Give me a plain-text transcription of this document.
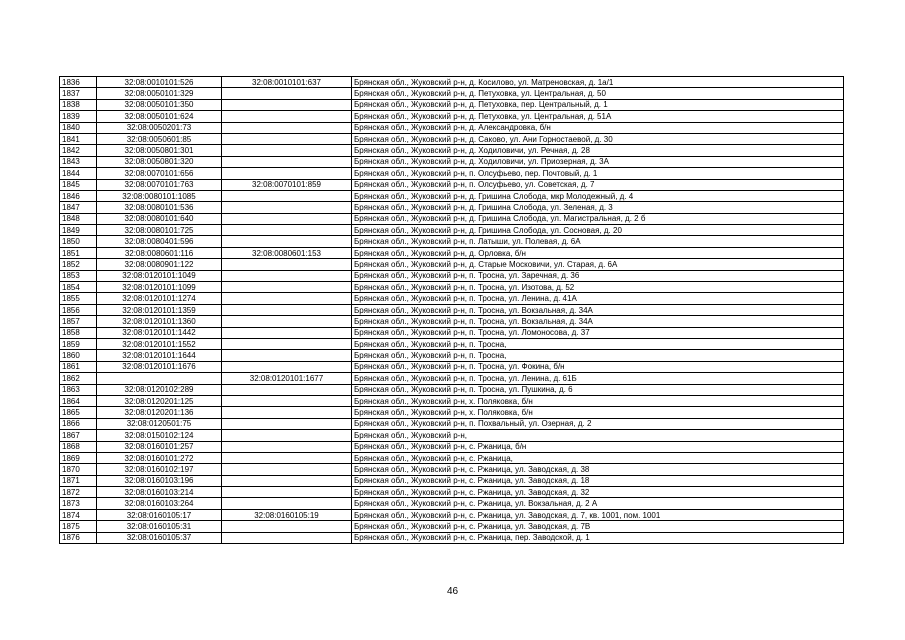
1836	32:08:0010101:526	32:08:0010101:637	Брянская обл., Жуковский р-н, д. Косилово, ул. Матреновская, д. 1а/1
1837	32:08:0050101:329		Брянская обл., Жуковский р-н, д. Петуховка, ул. Центральная, д. 50
1838	32:08:0050101:350		Брянская обл., Жуковский р-н, д. Петуховка, пер. Центральный, д. 1
1839	32:08:0050101:624		Брянская обл., Жуковский р-н, д. Петуховка, ул. Центральная, д. 51А
1840	32:08:0050201:73		Брянская обл., Жуковский р-н, д. Александровка, б/н
1841	32:08:0050601:85		Брянская обл., Жуковский р-н, д. Саково, ул. Ани Горностаевой, д. 30
1842	32:08:0050801:301		Брянская обл., Жуковский р-н, д. Ходиловичи, ул. Речная, д. 28
1843	32:08:0050801:320		Брянская обл., Жуковский р-н, д. Ходиловичи, ул. Приозерная, д. 3А
1844	32:08:0070101:656		Брянская обл., Жуковский р-н, п. Олсуфьево, пер. Почтовый, д. 1
1845	32:08:0070101:763	32:08:0070101:859	Брянская обл., Жуковский р-н, п. Олсуфьево, ул. Советская, д. 7
1846	32:08:0080101:1085		Брянская обл., Жуковский р-н, д. Гришина Слобода, мкр Молодежный, д. 4
1847	32:08:0080101:536		Брянская обл., Жуковский р-н, д. Гришина Слобода, ул. Зеленая, д. 3
1848	32:08:0080101:640		Брянская обл., Жуковский р-н, д. Гришина Слобода, ул. Магистральная, д. 2 б
1849	32:08:0080101:725		Брянская обл., Жуковский р-н, д. Гришина Слобода, ул. Сосновая, д. 20
1850	32:08:0080401:596		Брянская обл., Жуковский р-н, п. Латыши, ул. Полевая, д. 6А
1851	32:08:0080601:116	32:08:0080601:153	Брянская обл., Жуковский р-н, д. Орловка, б/н
1852	32:08:0080901:122		Брянская обл., Жуковский р-н, д. Старые Московичи, ул. Старая, д. 6А
1853	32:08:0120101:1049		Брянская обл., Жуковский р-н, п. Тросна, ул. Заречная, д. 36
1854	32:08:0120101:1099		Брянская обл., Жуковский р-н, п. Тросна, ул. Изотова, д. 52
1855	32:08:0120101:1274		Брянская обл., Жуковский р-н, п. Тросна, ул. Ленина, д. 41А
1856	32:08:0120101:1359		Брянская обл., Жуковский р-н, п. Тросна, ул. Вокзальная, д. 34А
1857	32:08:0120101:1360		Брянская обл., Жуковский р-н, п. Тросна, ул. Вокзальная, д. 34А
1858	32:08:0120101:1442		Брянская обл., Жуковский р-н, п. Тросна, ул. Ломоносова, д. 37
1859	32:08:0120101:1552		Брянская обл., Жуковский р-н, п. Тросна,
1860	32:08:0120101:1644		Брянская обл., Жуковский р-н, п. Тросна,
1861	32:08:0120101:1676		Брянская обл., Жуковский р-н, п. Тросна, ул. Фокина, б/н
1862		32:08:0120101:1677	Брянская обл., Жуковский р-н, п. Тросна, ул. Ленина, д. 61Б
1863	32:08:0120102:289		Брянская обл., Жуковский р-н, п. Тросна, ул. Пушкина, д. 6
1864	32:08:0120201:125		Брянская обл., Жуковский р-н, х. Поляковка, б/н
1865	32:08:0120201:136		Брянская обл., Жуковский р-н, х. Поляковка, б/н
1866	32:08:0120501:75		Брянская обл., Жуковский р-н, п. Похвальный, ул. Озерная, д. 2
1867	32:08:0150102:124		Брянская обл., Жуковский р-н,
1868	32:08:0160101:257		Брянская обл., Жуковский р-н, с. Ржаница, б/н
1869	32:08:0160101:272		Брянская обл., Жуковский р-н, с. Ржаница,
1870	32:08:0160102:197		Брянская обл., Жуковский р-н, с. Ржаница, ул. Заводская, д. 38
1871	32:08:0160103:196		Брянская обл., Жуковский р-н, с. Ржаница, ул. Заводская, д. 18
1872	32:08:0160103:214		Брянская обл., Жуковский р-н, с. Ржаница, ул. Заводская, д. 32
1873	32:08:0160103:264		Брянская обл., Жуковский р-н, с. Ржаница, ул. Вокзальная, д. 2 А
1874	32:08:0160105:17	32:08:0160105:19	Брянская обл., Жуковский р-н, с. Ржаница, ул. Заводская, д. 7, кв. 1001, пом. 1001
1875	32:08:0160105:31		Брянская обл., Жуковский р-н, с. Ржаница, ул. Заводская, д. 7В
1876	32:08:0160105:37		Брянская обл., Жуковский р-н, с. Ржаница, пер. Заводской, д. 1
46
